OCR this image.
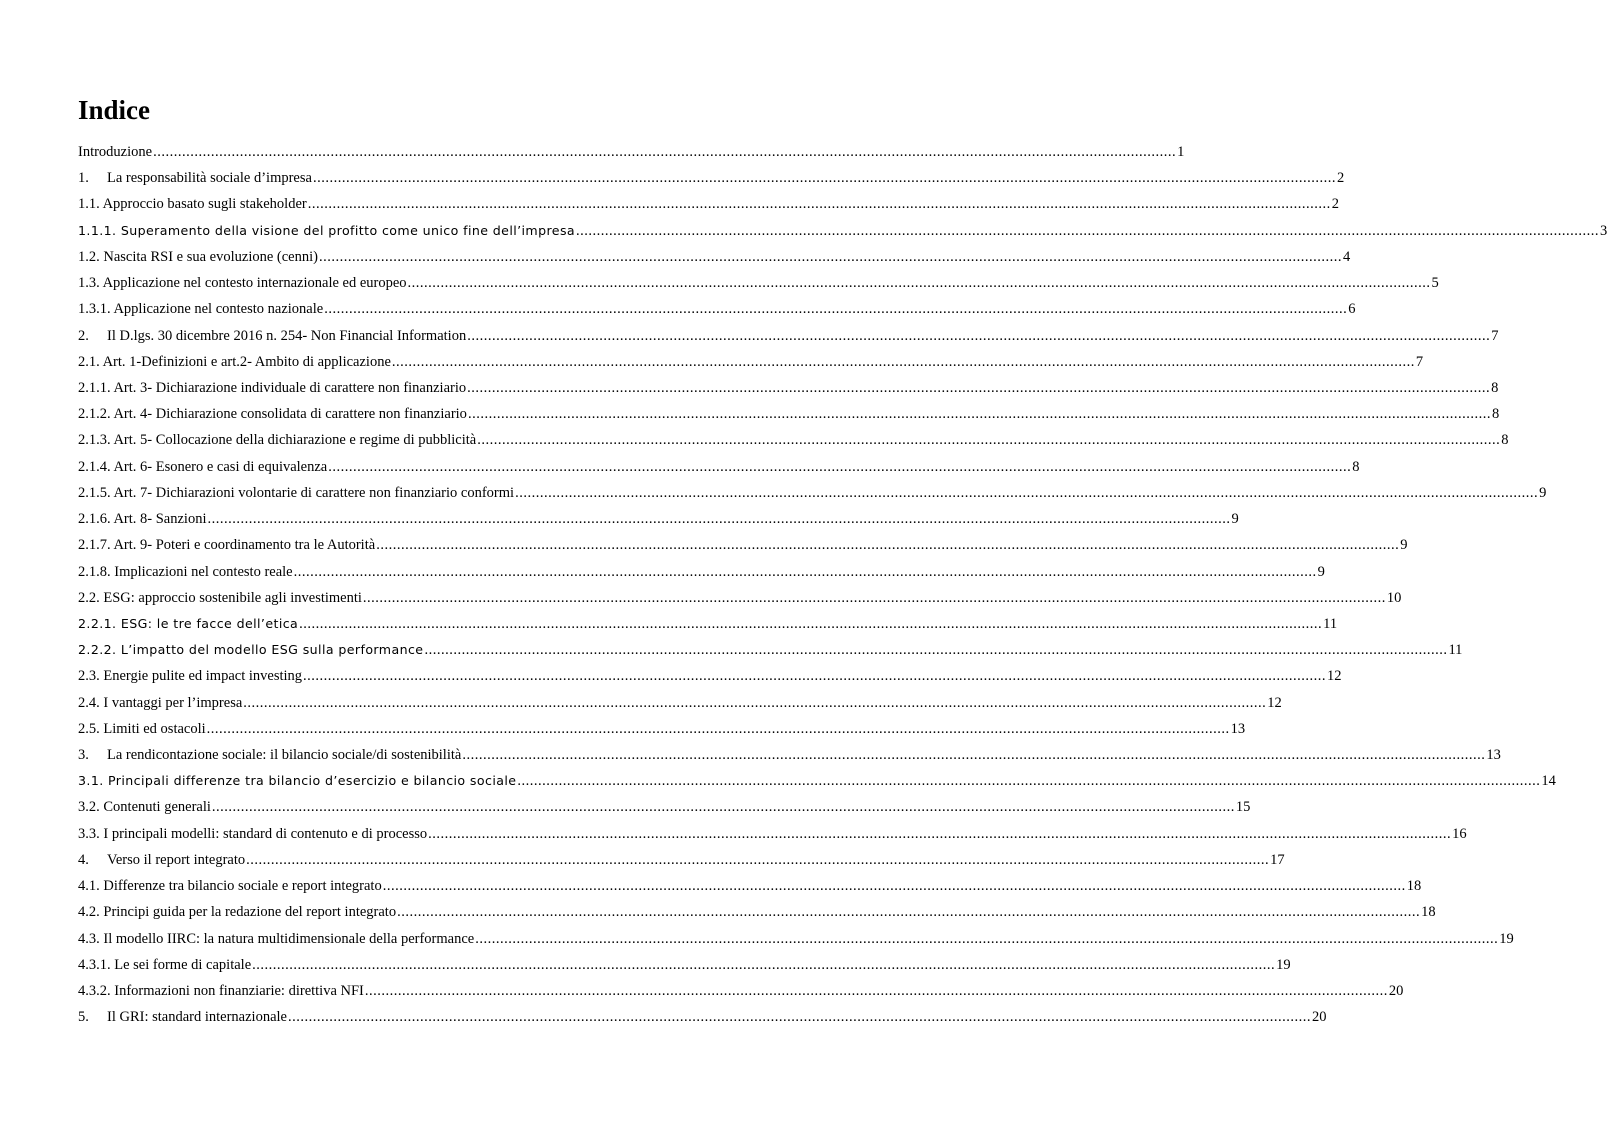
Indice
Introduzione .....	1
1.     La responsabilità sociale d’impresa .....	2
1.1. Approccio basato sugli stakeholder .....	2
1.1.1. Superamento della visione del profitto come unico fine dell’impresa .....	3
1.2. Nascita RSI e sua evoluzione (cenni) .....	4
1.3. Applicazione nel contesto internazionale ed europeo .....	5
1.3.1. Applicazione nel contesto nazionale .....	6
2.     Il D.lgs. 30 dicembre 2016 n. 254- Non Financial Information .....	7
2.1. Art. 1-Definizioni e art.2- Ambito di applicazione .....	7
2.1.1. Art. 3- Dichiarazione individuale di carattere non finanziario .....	8
2.1.2. Art. 4- Dichiarazione consolidata di carattere non finanziario .....	8
2.1.3. Art. 5- Collocazione della dichiarazione e regime di pubblicità .....	8
2.1.4. Art. 6- Esonero e casi di equivalenza .....	8
2.1.5. Art. 7- Dichiarazioni volontarie di carattere non finanziario conformi .....	9
2.1.6. Art. 8- Sanzioni .....	9
2.1.7. Art. 9- Poteri e coordinamento tra le Autorità .....	9
2.1.8. Implicazioni nel contesto reale .....	9
2.2. ESG: approccio sostenibile agli investimenti .....	10
2.2.1. ESG: le tre facce dell’etica .....	11
2.2.2. L’impatto del modello ESG sulla performance .....	11
2.3. Energie pulite ed impact investing .....	12
2.4. I vantaggi per l’impresa .....	12
2.5. Limiti ed ostacoli .....	13
3.     La rendicontazione sociale: il bilancio sociale/di sostenibilità .....	13
3.1. Principali differenze tra bilancio d’esercizio e bilancio sociale .....	14
3.2. Contenuti generali .....	15
3.3. I principali modelli: standard di contenuto e di processo .....	16
4.     Verso il report integrato .....	17
4.1. Differenze tra bilancio sociale e report integrato .....	18
4.2. Principi guida per la redazione del report integrato .....	18
4.3. Il modello IIRC: la natura multidimensionale della performance .....	19
4.3.1. Le sei forme di capitale .....	19
4.3.2. Informazioni non finanziarie: direttiva NFI .....	20
5.     Il GRI: standard internazionale .....	20
